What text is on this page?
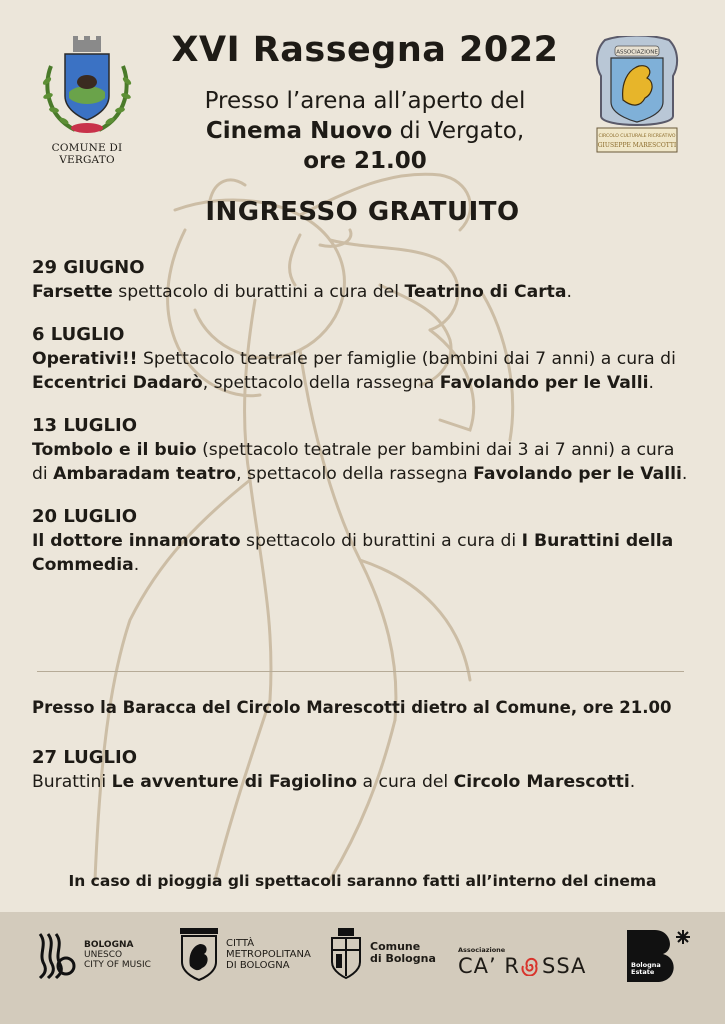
COMUNE DI VERGATO
ASSOCIAZIONE
CIRCOLO CULTURALE RICREATIVO
GIUSEPPE MARESCOTTI
XVI Rassegna 2022
Presso l’arena all’aperto del
Cinema Nuovo di Vergato,
ore 21.00
INGRESSO GRATUITO
29 GIUGNO
Farsette spettacolo di burattini a cura del Teatrino di Carta.
6 LUGLIO
Operativi!! Spettacolo teatrale per famiglie (bambini dai 7 anni) a cura di Eccentrici Dadarò, spettacolo della rassegna Favolando per le Valli.
13 LUGLIO
Tombolo e il buio (spettacolo teatrale per bambini dai 3 ai 7 anni) a cura di Ambaradam teatro, spettacolo della rassegna Favolando per le Valli.
20 LUGLIO
Il dottore innamorato spettacolo di burattini a cura di I Burattini della Commedia.
Presso la Baracca del Circolo Marescotti dietro al Comune, ore 21.00
27 LUGLIO
Burattini Le avventure di Fagiolino a cura del Circolo Marescotti.
In caso di pioggia gli spettacoli saranno fatti all’interno del cinema
BOLOGNA
UNESCO
CITY OF MUSIC
CITTÀ
METROPOLITANA
DI BOLOGNA
Comune
di Bologna
Associazione
CA’ R SSA	Bologna
Estate
